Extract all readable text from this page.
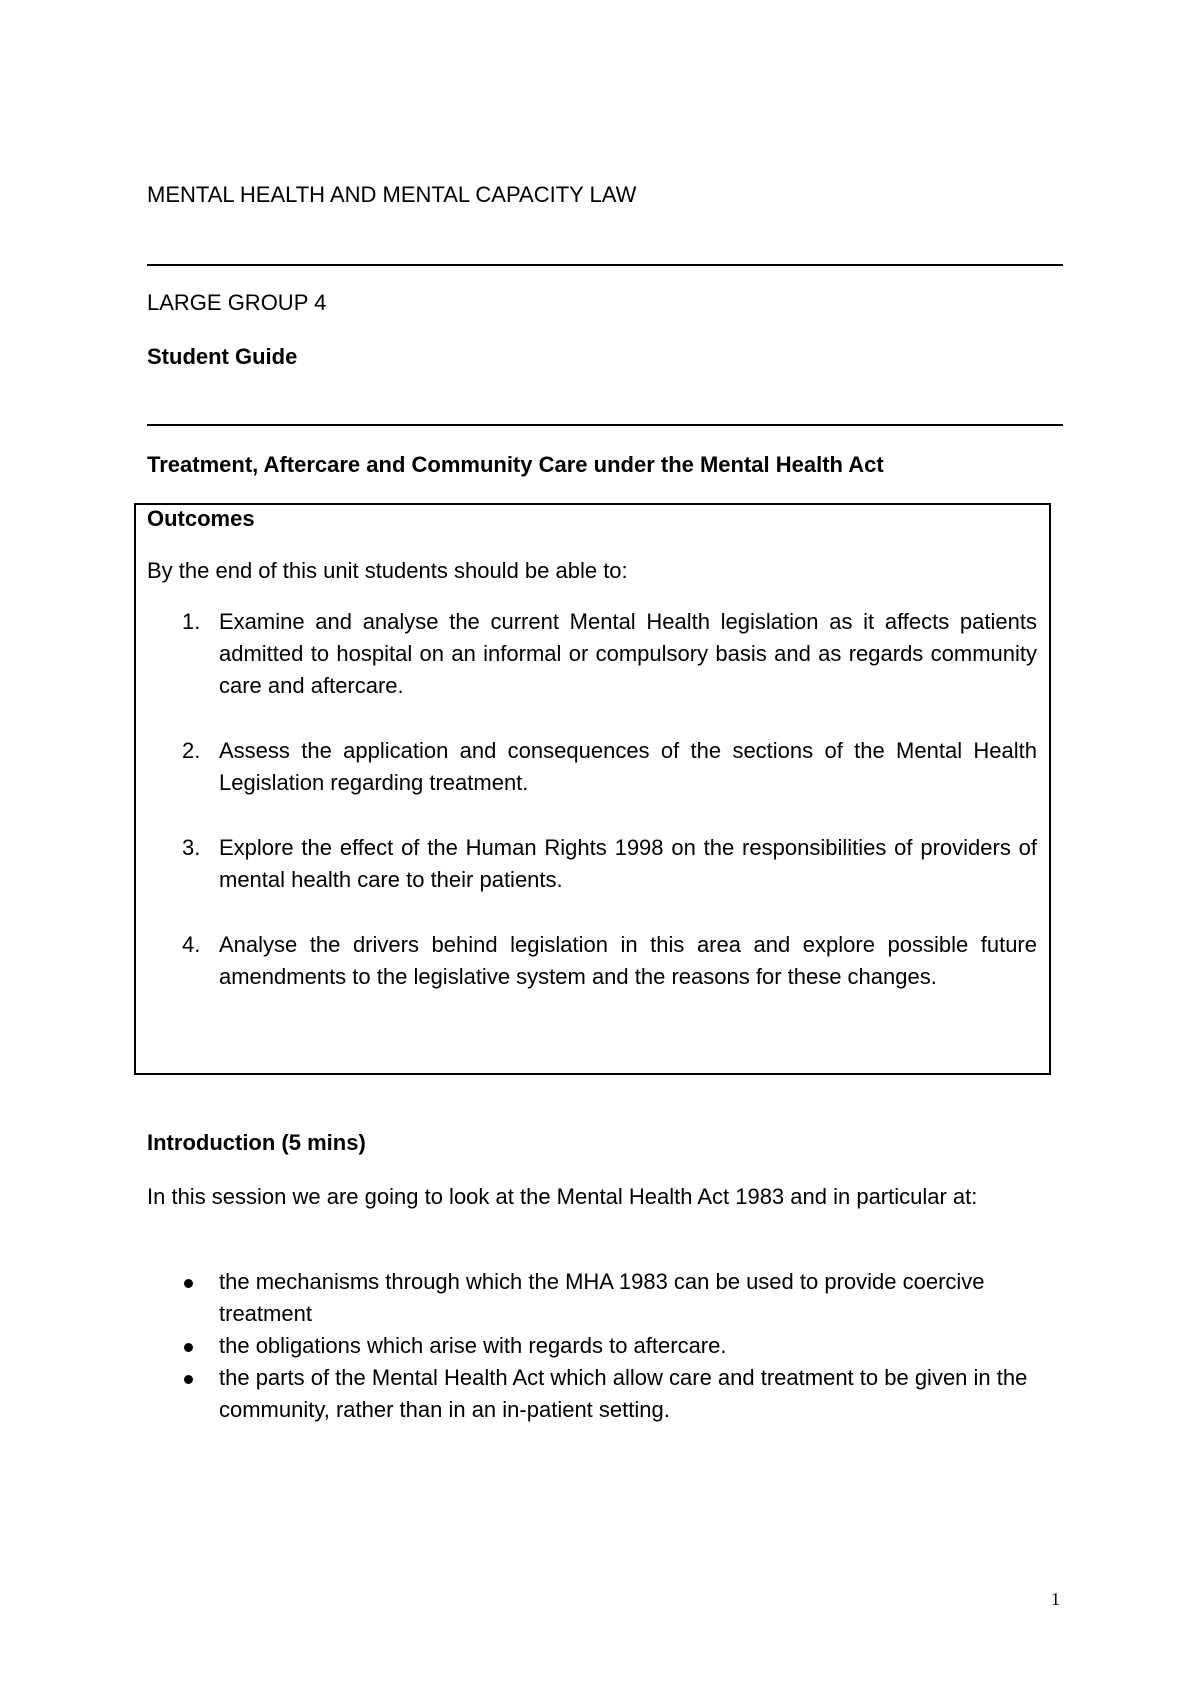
MENTAL HEALTH AND MENTAL CAPACITY LAW
LARGE GROUP 4
Student Guide
Treatment, Aftercare and Community Care under the Mental Health Act
Outcomes
By the end of this unit students should be able to:
1. Examine and analyse the current Mental Health legislation as it affects patients admitted to hospital on an informal or compulsory basis and as regards community care and aftercare.
2. Assess the application and consequences of the sections of the Mental Health Legislation regarding treatment.
3. Explore the effect of the Human Rights 1998 on the responsibilities of providers of mental health care to their patients.
4. Analyse the drivers behind legislation in this area and explore possible future amendments to the legislative system and the reasons for these changes.
Introduction (5 mins)
In this session we are going to look at the Mental Health Act 1983 and in particular at:
the mechanisms through which the MHA 1983 can be used to provide coercive treatment
the obligations which arise with regards to aftercare.
the parts of the Mental Health Act which allow care and treatment to be given in the community, rather than in an in-patient setting.
1
